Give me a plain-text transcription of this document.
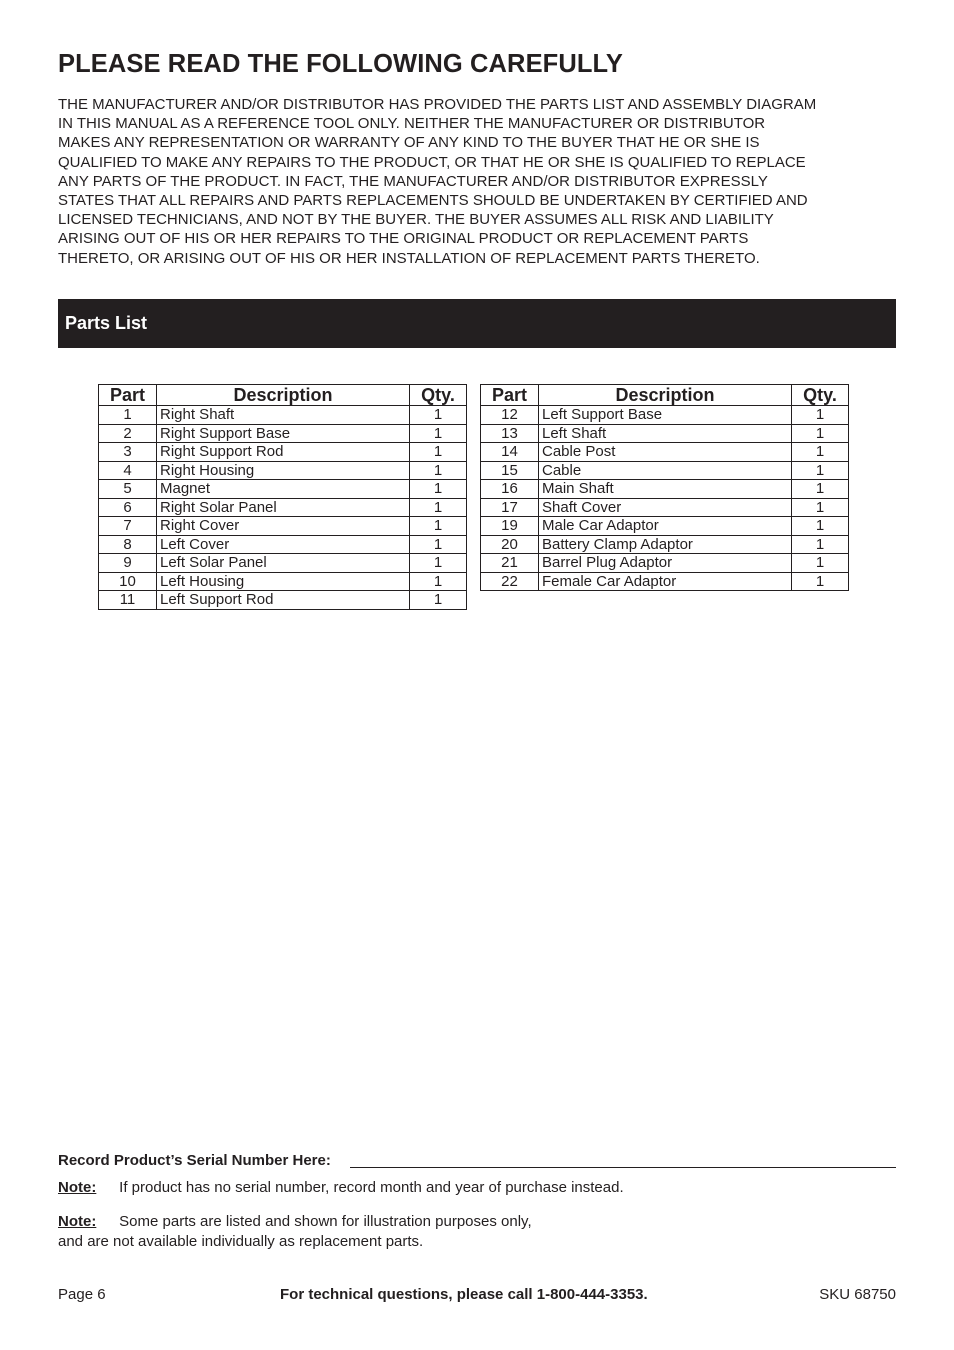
PLEASE READ THE FOLLOWING CAREFULLY
THE MANUFACTURER AND/OR DISTRIBUTOR HAS PROVIDED THE PARTS LIST AND ASSEMBLY DIAGRAM
IN THIS MANUAL AS A REFERENCE TOOL ONLY. NEITHER THE MANUFACTURER OR DISTRIBUTOR
MAKES ANY REPRESENTATION OR WARRANTY OF ANY KIND TO THE BUYER THAT HE OR SHE IS
QUALIFIED TO MAKE ANY REPAIRS TO THE PRODUCT, OR THAT HE OR SHE IS QUALIFIED TO REPLACE
ANY PARTS OF THE PRODUCT. IN FACT, THE MANUFACTURER AND/OR DISTRIBUTOR EXPRESSLY
STATES THAT ALL REPAIRS AND PARTS REPLACEMENTS SHOULD BE UNDERTAKEN BY CERTIFIED AND
LICENSED TECHNICIANS, AND NOT BY THE BUYER. THE BUYER ASSUMES ALL RISK AND LIABILITY
ARISING OUT OF HIS OR HER REPAIRS TO THE ORIGINAL PRODUCT OR REPLACEMENT PARTS
THERETO, OR ARISING OUT OF HIS OR HER INSTALLATION OF REPLACEMENT PARTS THERETO.
Parts List
Part	Description	Qty.
1	Right Shaft	1
2	Right Support Base	1
3	Right Support Rod	1
4	Right Housing	1
5	Magnet	1
6	Right Solar Panel	1
7	Right Cover	1
8	Left Cover	1
9	Left Solar Panel	1
10	Left Housing	1
11	Left Support Rod	1
Part	Description	Qty.
12	Left Support Base	1
13	Left Shaft	1
14	Cable Post	1
15	Cable	1
16	Main Shaft	1
17	Shaft Cover	1
19	Male Car Adaptor	1
20	Battery Clamp Adaptor	1
21	Barrel Plug Adaptor	1
22	Female Car Adaptor	1
Record Product’s Serial Number Here:
Note: If product has no serial number, record month and year of purchase instead.
Note: Some parts are listed and shown for illustration purposes only,
and are not available individually as replacement parts.
Page 6	For technical questions, please call 1-800-444-3353.	SKU 68750
